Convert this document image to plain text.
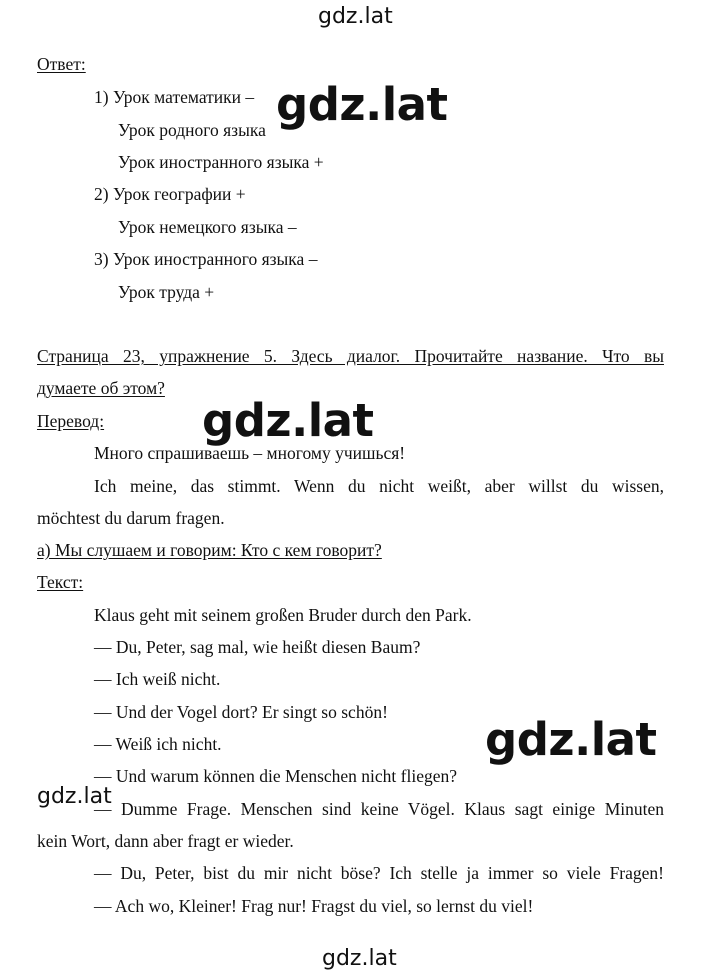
gdz.lat
gdz.lat
gdz.lat
gdz.lat
gdz.lat
gdz.lat
Ответ:
1) Урок математики –
Урок родного языка
Урок иностранного языка +
2) Урок географии +
Урок немецкого языка –
3) Урок иностранного языка –
Урок труда +
Страница 23, упражнение 5. Здесь диалог. Прочитайте название. Что вы
думаете об этом?
Перевод:
Много спрашиваешь – многому учишься!
Ich meine, das stimmt. Wenn du nicht weißt, aber willst du wissen,
möchtest du darum fragen.
а) Мы слушаем и говорим: Кто с кем говорит?
Текст:
Klaus geht mit seinem großen Bruder durch den Park.
— Du, Peter, sag mal, wie heißt diesen Baum?
— Ich weiß nicht.
— Und der Vogel dort? Er singt so schön!
— Weiß ich nicht.
— Und warum können die Menschen nicht fliegen?
— Dumme Frage. Menschen sind keine Vögel. Klaus sagt einige Minuten
kein Wort, dann aber fragt er wieder.
— Du, Peter, bist du mir nicht böse? Ich stelle ja immer so viele Fragen!
— Ach wo, Kleiner! Frag nur! Fragst du viel, so lernst du viel!
